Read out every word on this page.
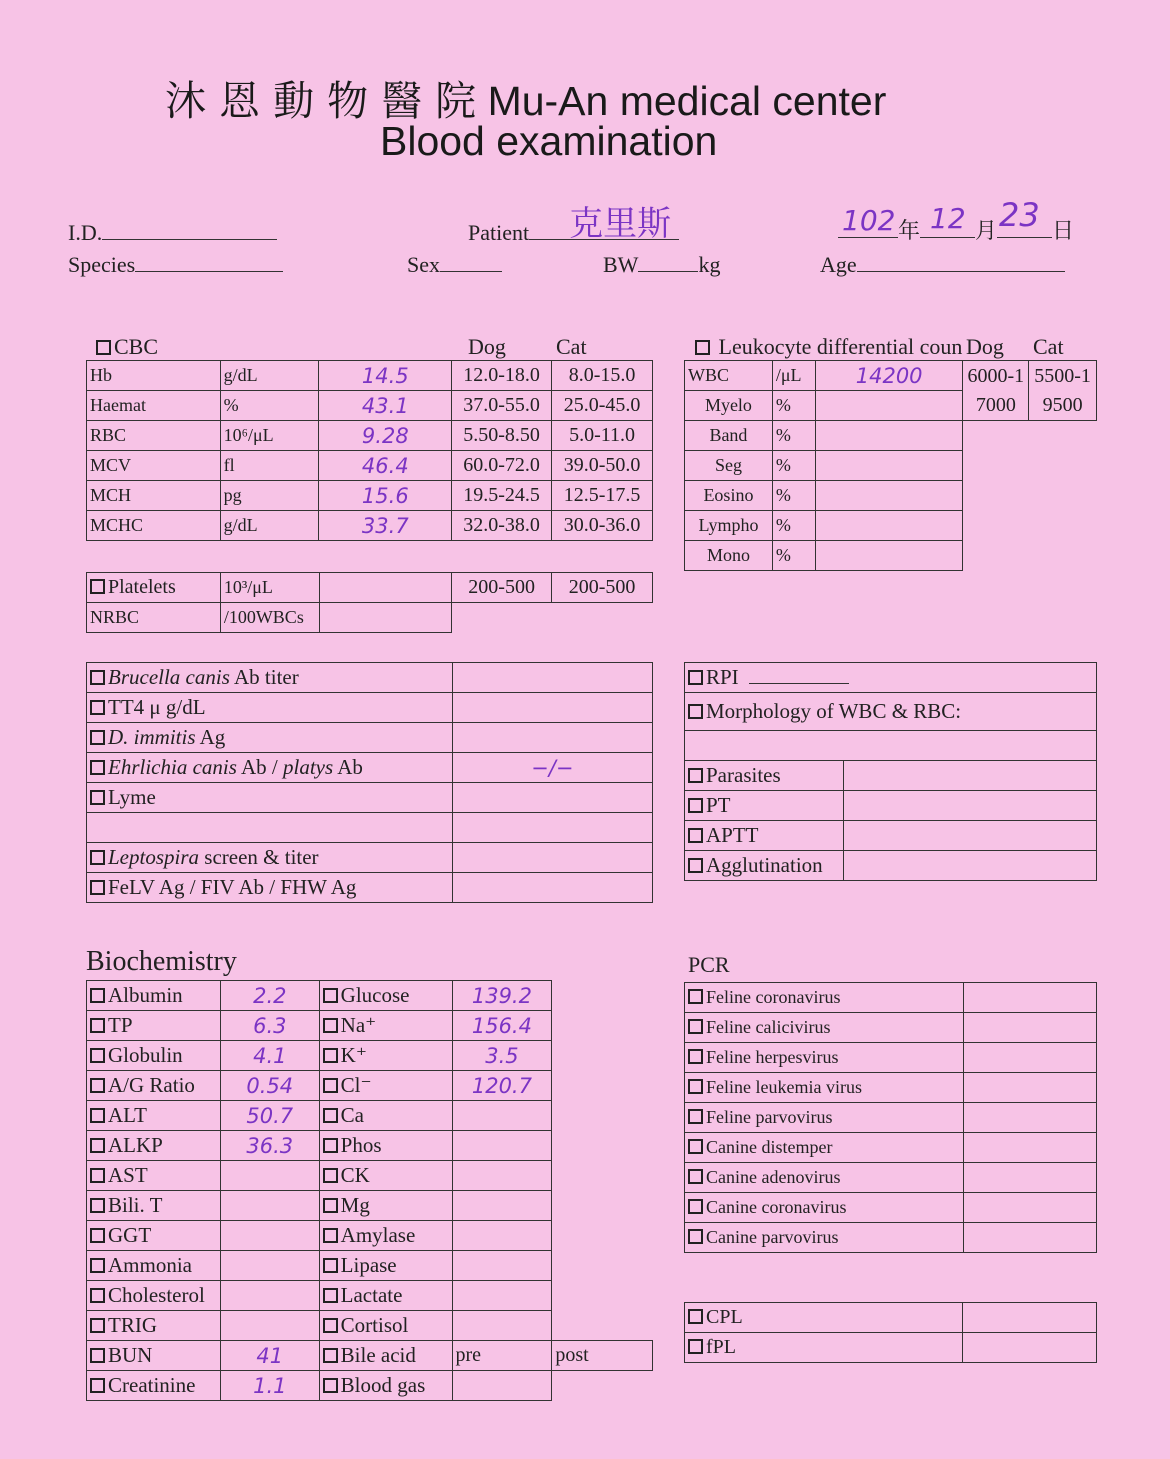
沐 恩 動 物 醫 院 Mu-An medical center
Blood examination
I.D.
Species
Patient 克里斯
Sex	BW	kg
102 年 12 月 23 日
Age
CBC	Dog Cat
Hb	g/dL	14.5	12.0-18.0	8.0-15.0
Haemat	%	43.1	37.0-55.0	25.0-45.0
RBC	10⁶/μL	9.28	5.50-8.50	5.0-11.0
MCV	fl	46.4	60.0-72.0	39.0-50.0
MCH	pg	15.6	19.5-24.5	12.5-17.5
MCHC	g/dL	33.7	32.0-38.0	30.0-36.0
Platelets	10³/μL		200-500	200-500
NRBC	/100WBCs			
Leukocyte differential coun Dog Cat
WBC	/μL	14200	6000-17000	5500-19500
Myelo	%			
Band	%			
Seg	%			
Eosino	%			
Lympho	%			
Mono	%			
Brucella canis Ab titer	
TT4 μ g/dL	
D. immitis Ag	
Ehrlichia canis Ab / platys Ab	−/−
Lyme	

Leptospira screen & titer	
FeLV Ag / FIV Ab / FHW Ag	
RPI	
Morphology of WBC & RBC:	

Parasites	
PT	
APTT	
Agglutination	
Biochemistry
Albumin	2.2	Glucose	139.2	
TP	6.3	Na⁺	156.4	
Globulin	4.1	K⁺	3.5	
A/G Ratio	0.54	Cl⁻	120.7	
ALT	50.7	Ca		
ALKP	36.3	Phos		
AST		CK		
Bili. T		Mg		
GGT		Amylase		
Ammonia		Lipase		
Cholesterol		Lactate		
TRIG		Cortisol		
BUN	41	Bile acid	pre	post
Creatinine	1.1	Blood gas		
PCR
Feline coronavirus	
Feline calicivirus	
Feline herpesvirus	
Feline leukemia virus	
Feline parvovirus	
Canine distemper	
Canine adenovirus	
Canine coronavirus	
Canine parvovirus	
CPL	
fPL	
